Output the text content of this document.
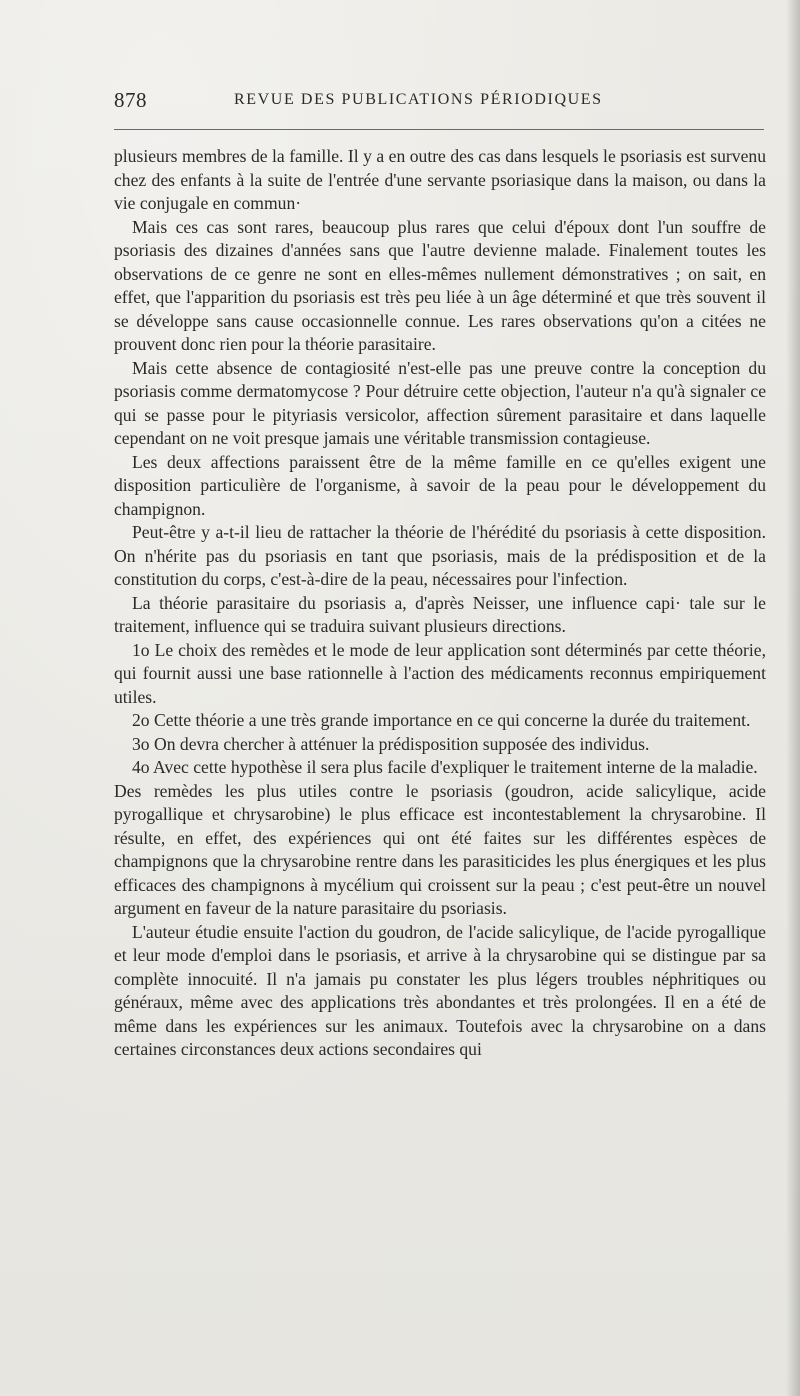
878	REVUE DES PUBLICATIONS PÉRIODIQUES

plusieurs membres de la famille. Il y a en outre des cas dans lesquels le psoriasis est survenu chez des enfants à la suite de l'entrée d'une servante psoriasique dans la maison, ou dans la vie conjugale en commun·

Mais ces cas sont rares, beaucoup plus rares que celui d'époux dont l'un souffre de psoriasis des dizaines d'années sans que l'autre devienne malade. Finalement toutes les observations de ce genre ne sont en elles-mêmes nullement démonstratives ; on sait, en effet, que l'apparition du psoriasis est très peu liée à un âge déterminé et que très souvent il se développe sans cause occasionnelle connue. Les rares observations qu'on a citées ne prouvent donc rien pour la théorie parasitaire.

Mais cette absence de contagiosité n'est-elle pas une preuve contre la conception du psoriasis comme dermatomycose ? Pour détruire cette objection, l'auteur n'a qu'à signaler ce qui se passe pour le pityriasis versicolor, affection sûrement parasitaire et dans laquelle cependant on ne voit presque jamais une véritable transmission contagieuse.

Les deux affections paraissent être de la même famille en ce qu'elles exigent une disposition particulière de l'organisme, à savoir de la peau pour le développement du champignon.

Peut-être y a-t-il lieu de rattacher la théorie de l'hérédité du psoriasis à cette disposition. On n'hérite pas du psoriasis en tant que psoriasis, mais de la prédisposition et de la constitution du corps, c'est-à-dire de la peau, nécessaires pour l'infection.

La théorie parasitaire du psoriasis a, d'après Neisser, une influence capi· tale sur le traitement, influence qui se traduira suivant plusieurs directions.

1o Le choix des remèdes et le mode de leur application sont déterminés par cette théorie, qui fournit aussi une base rationnelle à l'action des médicaments reconnus empiriquement utiles.

2o Cette théorie a une très grande importance en ce qui concerne la durée du traitement.

3o On devra chercher à atténuer la prédisposition supposée des individus.

4o Avec cette hypothèse il sera plus facile d'expliquer le traitement interne de la maladie.

Des remèdes les plus utiles contre le psoriasis (goudron, acide salicylique, acide pyrogallique et chrysarobine) le plus efficace est incontestablement la chrysarobine. Il résulte, en effet, des expériences qui ont été faites sur les différentes espèces de champignons que la chrysarobine rentre dans les parasiticides les plus énergiques et les plus efficaces des champignons à mycélium qui croissent sur la peau ; c'est peut-être un nouvel argument en faveur de la nature parasitaire du psoriasis.

L'auteur étudie ensuite l'action du goudron, de l'acide salicylique, de l'acide pyrogallique et leur mode d'emploi dans le psoriasis, et arrive à la chrysarobine qui se distingue par sa complète innocuité. Il n'a jamais pu constater les plus légers troubles néphritiques ou généraux, même avec des applications très abondantes et très prolongées. Il en a été de même dans les expériences sur les animaux. Toutefois avec la chrysarobine on a dans certaines circonstances deux actions secondaires qui
